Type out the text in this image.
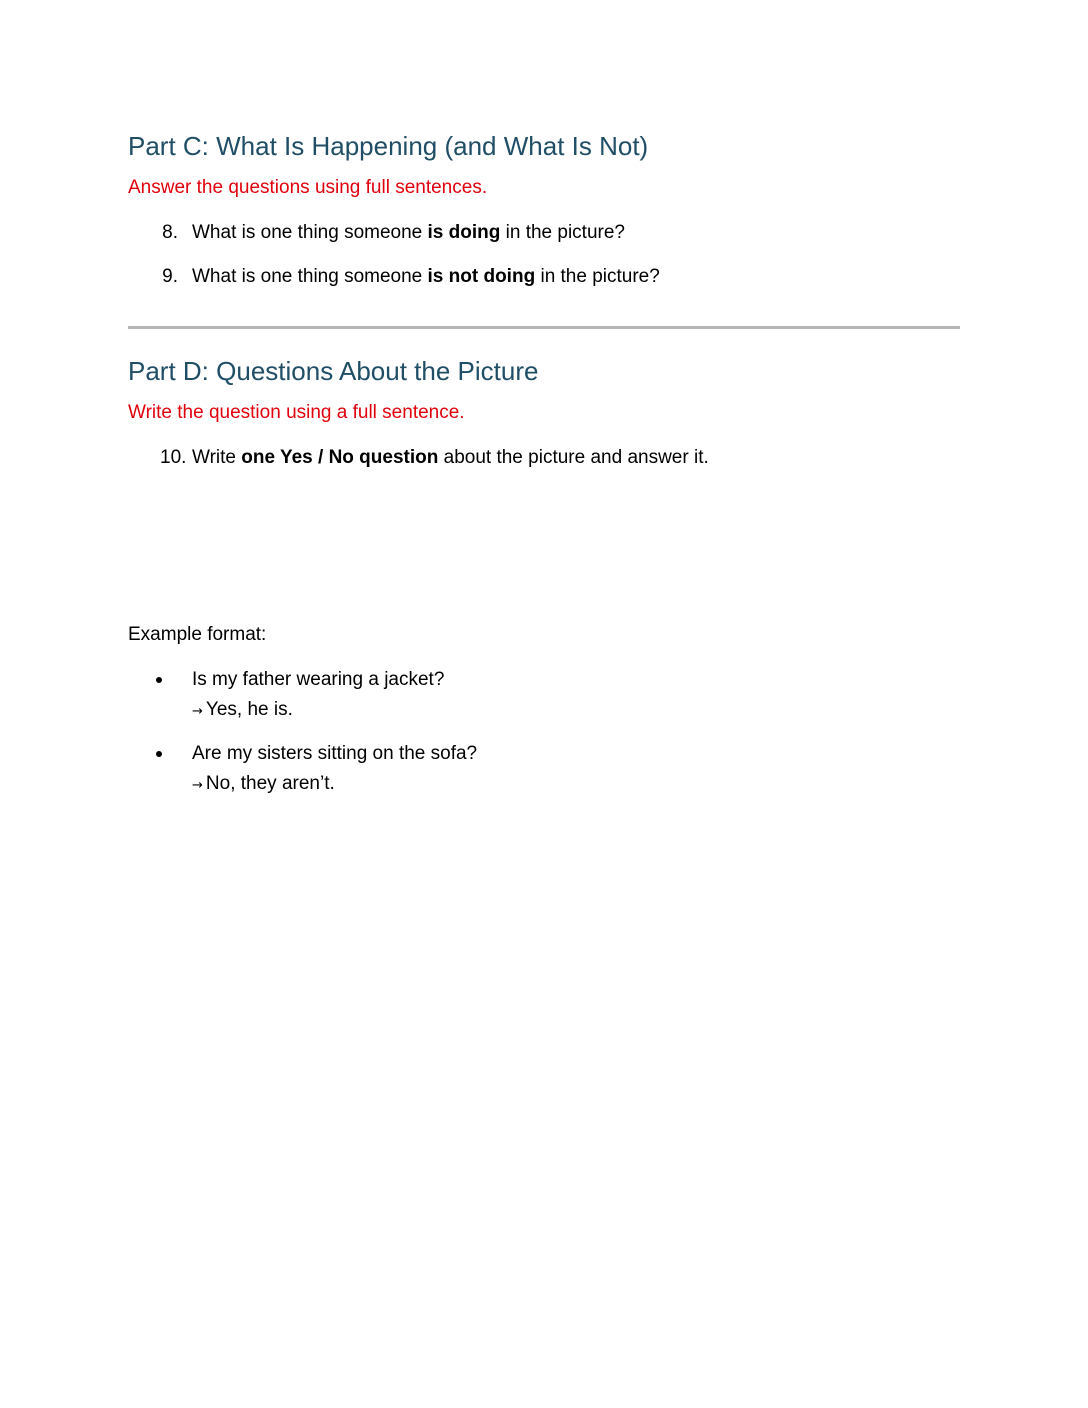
Part C: What Is Happening (and What Is Not)

Answer the questions using full sentences.

8. What is one thing someone is doing in the picture?
9. What is one thing someone is not doing in the picture?
Part D: Questions About the Picture

Write the question using a full sentence.

10. Write one Yes / No question about the picture and answer it.

Example format:

Is my father wearing a jacket?
→ Yes, he is.
Are my sisters sitting on the sofa?
→ No, they aren’t.
